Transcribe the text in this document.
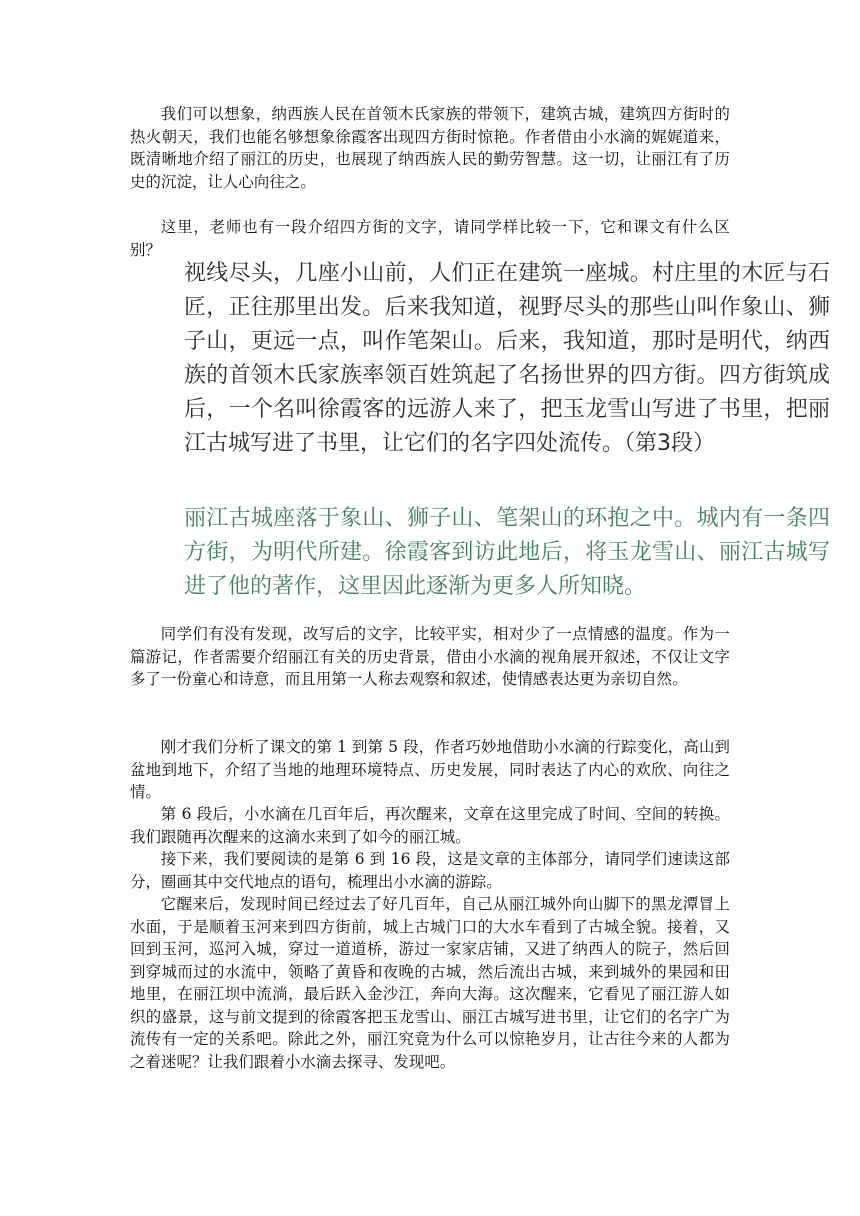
我们可以想象，纳西族人民在首领木氏家族的带领下，建筑古城，建筑四方街时的热火朝天，我们也能名够想象徐霞客出现四方街时惊艳。作者借由小水滴的娓娓道来，既清晰地介绍了丽江的历史，也展现了纳西族人民的勤劳智慧。这一切，让丽江有了历史的沉淀，让人心向往之。

这里，老师也有一段介绍四方街的文字，请同学样比较一下，它和课文有什么区别？

视线尽头，几座小山前，人们正在建筑一座城。村庄里的木匠与石匠，正往那里出发。后来我知道，视野尽头的那些山叫作象山、狮子山，更远一点，叫作笔架山。后来，我知道，那时是明代，纳西族的首领木氏家族率领百姓筑起了名扬世界的四方街。四方街筑成后，一个名叫徐霞客的远游人来了，把玉龙雪山写进了书里，把丽江古城写进了书里，让它们的名字四处流传。（第3段）

丽江古城座落于象山、狮子山、笔架山的环抱之中。城内有一条四方街，为明代所建。徐霞客到访此地后，将玉龙雪山、丽江古城写进了他的著作，这里因此逐渐为更多人所知晓。

同学们有没有发现，改写后的文字，比较平实，相对少了一点情感的温度。作为一篇游记，作者需要介绍丽江有关的历史背景，借由小水滴的视角展开叙述，不仅让文字多了一份童心和诗意，而且用第一人称去观察和叙述，使情感表达更为亲切自然。

刚才我们分析了课文的第 1 到第 5 段，作者巧妙地借助小水滴的行踪变化，高山到盆地到地下，介绍了当地的地理环境特点、历史发展，同时表达了内心的欢欣、向往之情。

第 6 段后，小水滴在几百年后，再次醒来，文章在这里完成了时间、空间的转换。我们跟随再次醒来的这滴水来到了如今的丽江城。

接下来，我们要阅读的是第 6 到 16 段，这是文章的主体部分，请同学们速读这部分，圈画其中交代地点的语句，梳理出小水滴的游踪。

它醒来后，发现时间已经过去了好几百年，自己从丽江城外向山脚下的黑龙潭冒上水面，于是顺着玉河来到四方街前，城上古城门口的大水车看到了古城全貌。接着，又回到玉河，巡河入城，穿过一道道桥，游过一家家店铺，又进了纳西人的院子，然后回到穿城而过的水流中，领略了黄昏和夜晚的古城，然后流出古城，来到城外的果园和田地里，在丽江坝中流淌，最后跃入金沙江，奔向大海。这次醒来，它看见了丽江游人如织的盛景，这与前文提到的徐霞客把玉龙雪山、丽江古城写进书里，让它们的名字广为流传有一定的关系吧。除此之外，丽江究竟为什么可以惊艳岁月，让古往今来的人都为之着迷呢？让我们跟着小水滴去探寻、发现吧。
